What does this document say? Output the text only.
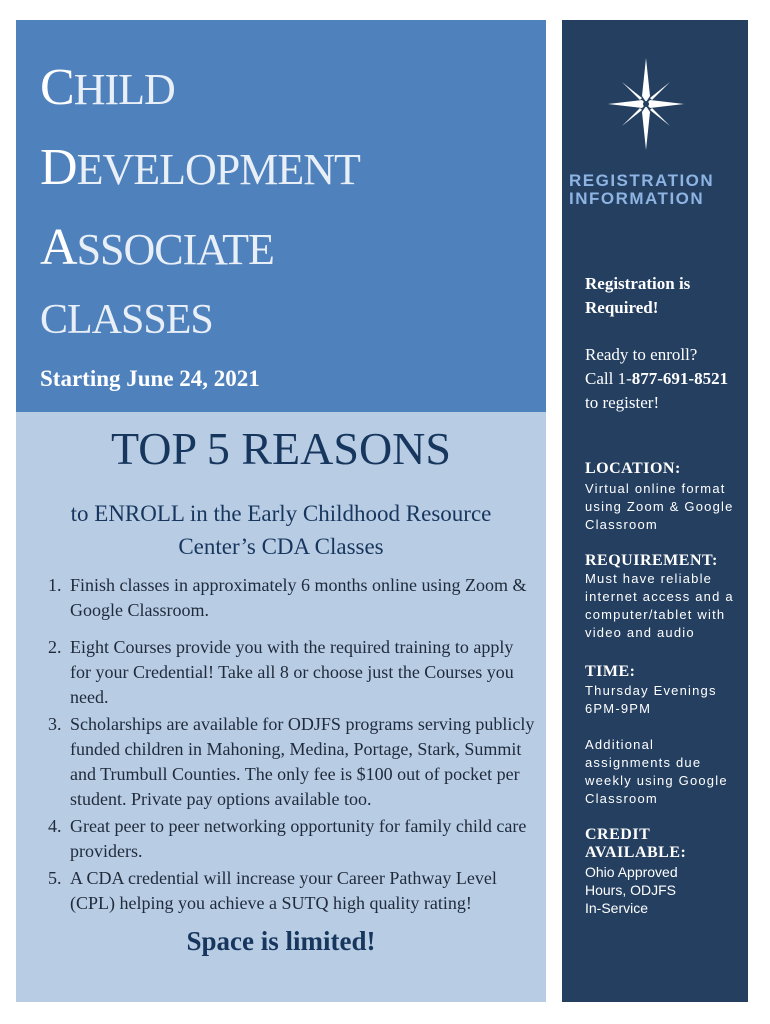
CHILD
DEVELOPMENT
ASSOCIATE
CLASSES
Starting June 24, 2021
TOP 5 REASONS
to ENROLL in the Early Childhood Resource
Center’s CDA Classes
1. Finish classes in approximately 6 months online using Zoom & Google Classroom.
2. Eight Courses provide you with the required training to apply for your Credential! Take all 8 or choose just the Courses you need.
3. Scholarships are available for ODJFS programs serving publicly funded children in Mahoning, Medina, Portage, Stark, Summit and Trumbull Counties. The only fee is $100 out of pocket per student. Private pay options available too.
4. Great peer to peer networking opportunity for family child care providers.
5. A CDA credential will increase your Career Pathway Level (CPL) helping you achieve a SUTQ high quality rating!
Space is limited!
REGISTRATION
INFORMATION
Registration is
Required!
Ready to enroll?
Call 1-877-691-8521
to register!
LOCATION:
Virtual online format using Zoom & Google Classroom
REQUIREMENT:
Must have reliable internet access and a computer/tablet with video and audio
TIME:
Thursday Evenings 6PM-9PM
Additional assignments due weekly using Google Classroom
CREDIT
AVAILABLE:
Ohio Approved Hours, ODJFS In-Service
